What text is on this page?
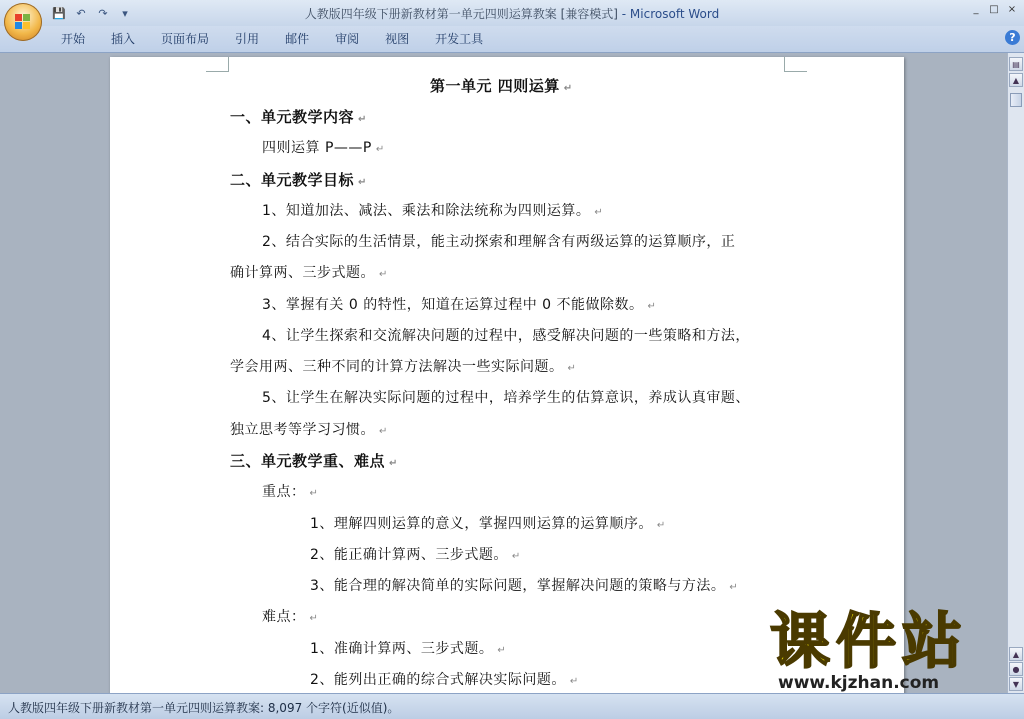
💾 ↶	↷	▾	人教版四年级下册新教材第一单元四则运算教案 [兼容模式] - Microsoft Word	_	□ ×
开始	插入	页面布局	引用	邮件	审阅	视图	开发工具	?
第一单元 四则运算 ↵
一、单元教学内容 ↵
四则运算 P——P ↵
二、单元教学目标 ↵
1、知道加法、减法、乘法和除法统称为四则运算。 ↵
2、结合实际的生活情景，能主动探索和理解含有两级运算的运算顺序，正
确计算两、三步式题。 ↵
3、掌握有关 0 的特性，知道在运算过程中 0 不能做除数。 ↵
4、让学生探索和交流解决问题的过程中，感受解决问题的一些策略和方法，
学会用两、三种不同的计算方法解决一些实际问题。 ↵
5、让学生在解决实际问题的过程中，培养学生的估算意识，养成认真审题、
独立思考等学习习惯。 ↵
三、单元教学重、难点 ↵
重点： ↵
1、理解四则运算的意义，掌握四则运算的运算顺序。 ↵
2、能正确计算两、三步式题。 ↵
3、能合理的解决简单的实际问题，掌握解决问题的策略与方法。 ↵
难点： ↵
1、准确计算两、三步式题。 ↵
2、能列出正确的综合式解决实际问题。 ↵
▤
▲
▲
●
▼
人教版四年级下册新教材第一单元四则运算教案: 8,097 个字符(近似值)。
课件站
www.kjzhan.com
